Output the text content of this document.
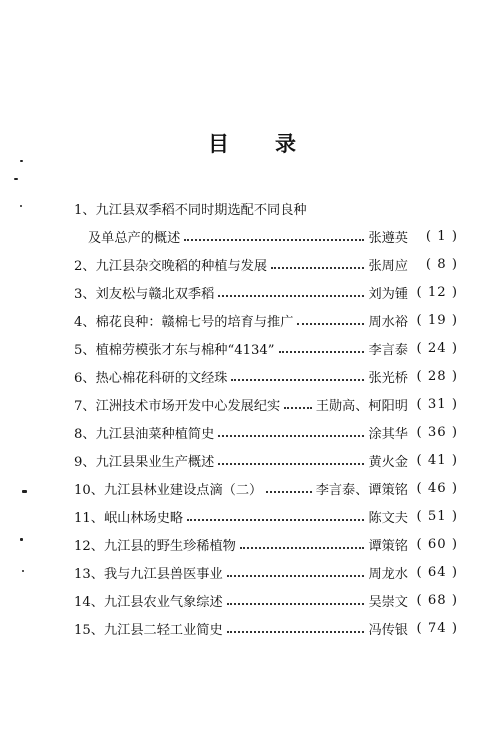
目录
1、 九江县双季稻不同时期选配不同良种
及单总产的概述	张遵英	( 1 )
2、 九江县杂交晚稻的种植与发展	张周应	( 8 )
3、 刘友松与赣北双季稻	刘为锺 ( 12 )
4、 棉花良种：赣棉七号的培育与推广	周水裕 ( 19 )
5、 植棉劳模张才东与棉种“4134”	李言泰 ( 24 )
6、 热心棉花科研的文经珠	张光桥 ( 28 )
7、 江洲技术市场开发中心发展纪实	王勋高、柯阳明 ( 31 )
8、 九江县油菜种植简史	涂其华 ( 36 )
9、 九江县果业生产概述	黄火金 ( 41 )
10、 九江县林业建设点滴（二）	李言泰、谭策铭 ( 46 )
11、 岷山林场史略	陈文夫 ( 51 )
12、 九江县的野生珍稀植物	谭策铭 ( 60 )
13、 我与九江县兽医事业	周龙水 ( 64 )
14、 九江县农业气象综述	吴崇文 ( 68 )
15、 九江县二轻工业简史	冯传银 ( 74 )
